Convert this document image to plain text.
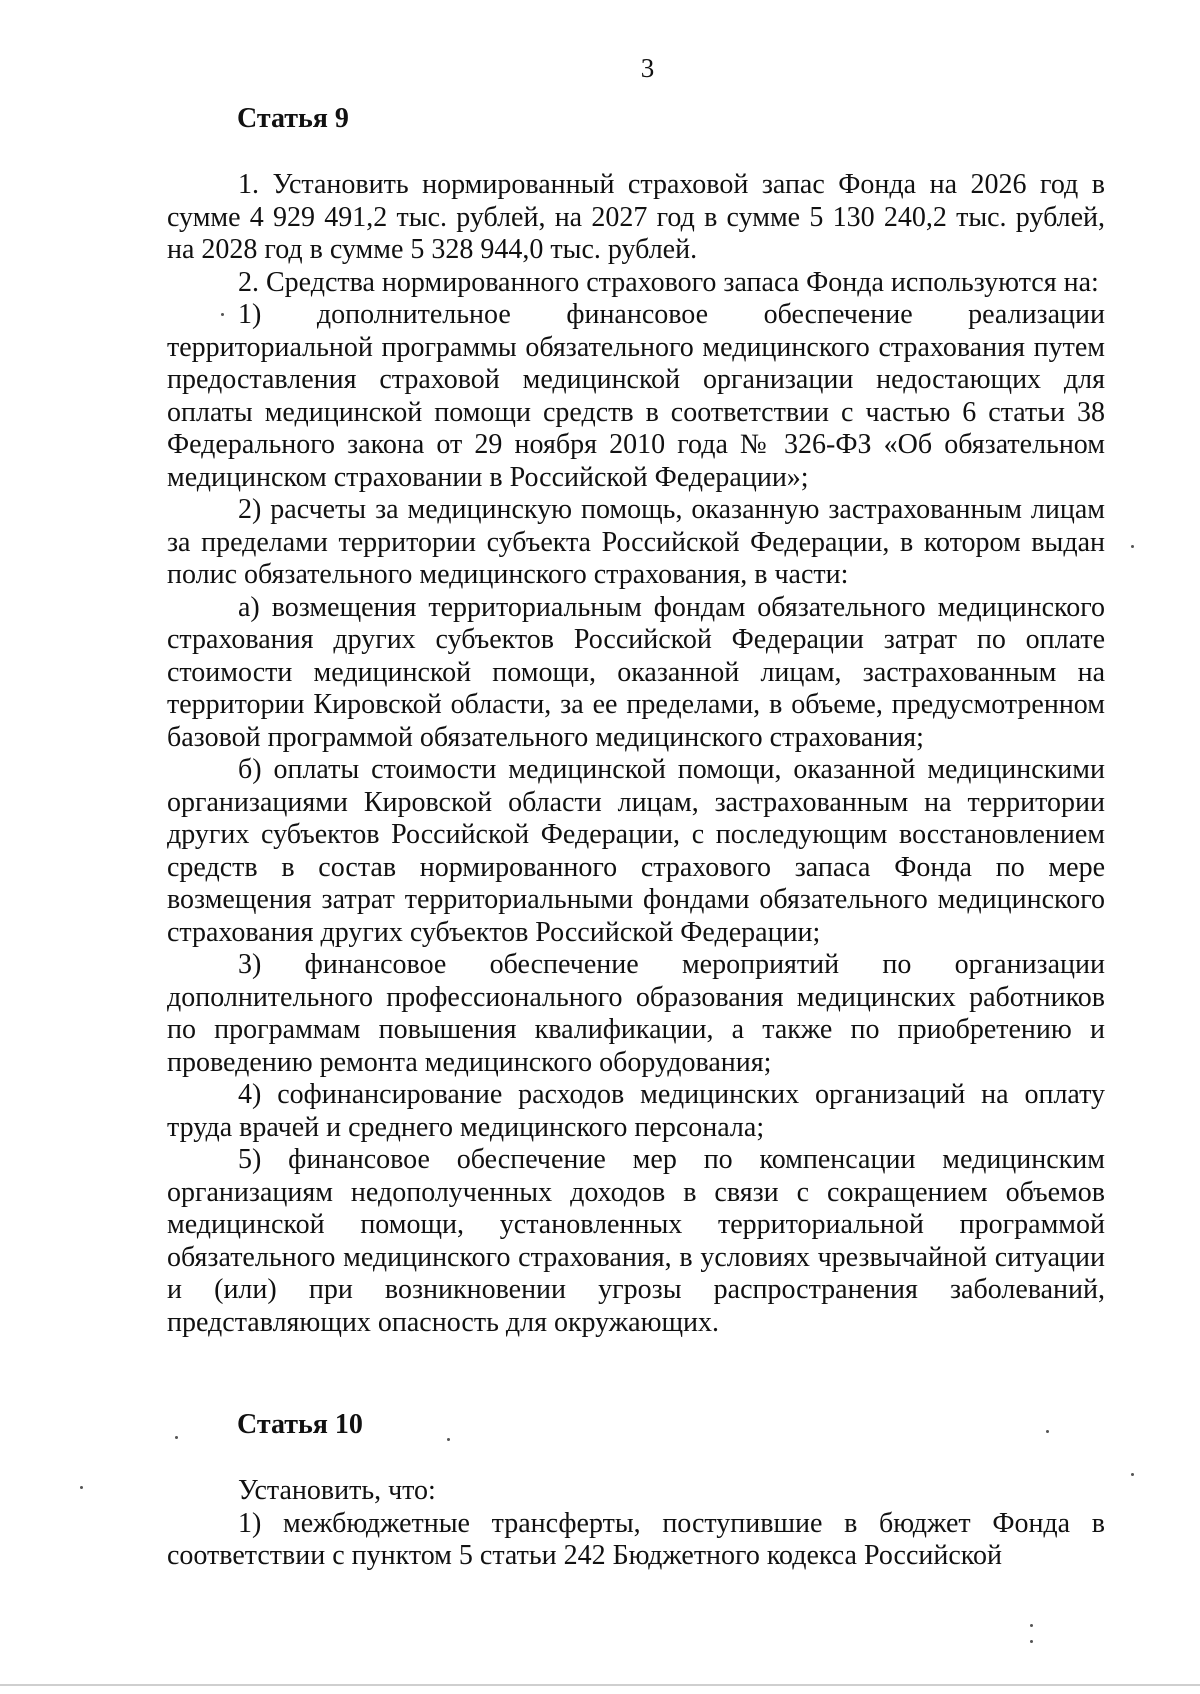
3
Статья 9

1. Установить нормированный страховой запас Фонда на 2026 год в сумме 4 929 491,2 тыс. рублей, на 2027 год в сумме 5 130 240,2 тыс. рублей, на 2028 год в сумме 5 328 944,0 тыс. рублей.

2. Средства нормированного страхового запаса Фонда используются на:

1) дополнительное финансовое обеспечение реализации территориальной программы обязательного медицинского страхования путем предоставления страховой медицинской организации недостающих для оплаты медицинской помощи средств в соответствии с частью 6 статьи 38 Федерального закона от 29 ноября 2010 года № 326-ФЗ «Об обязательном медицинском страховании в Российской Федерации»;

2) расчеты за медицинскую помощь, оказанную застрахованным лицам за пределами территории субъекта Российской Федерации, в котором выдан полис обязательного медицинского страхования, в части:

а) возмещения территориальным фондам обязательного медицинского страхования других субъектов Российской Федерации затрат по оплате стоимости медицинской помощи, оказанной лицам, застрахованным на территории Кировской области, за ее пределами, в объеме, предусмотренном базовой программой обязательного медицинского страхования;

б) оплаты стоимости медицинской помощи, оказанной медицинскими организациями Кировской области лицам, застрахованным на территории других субъектов Российской Федерации, с последующим восстановлением средств в состав нормированного страхового запаса Фонда по мере возмещения затрат территориальными фондами обязательного медицинского страхования других субъектов Российской Федерации;

3) финансовое обеспечение мероприятий по организации дополнительного профессионального образования медицинских работников по программам повышения квалификации, а также по приобретению и проведению ремонта медицинского оборудования;

4) софинансирование расходов медицинских организаций на оплату труда врачей и среднего медицинского персонала;

5) финансовое обеспечение мер по компенсации медицинским организациям недополученных доходов в связи с сокращением объемов медицинской помощи, установленных территориальной программой обязательного медицинского страхования, в условиях чрезвычайной ситуации и (или) при возникновении угрозы распространения заболеваний, представляющих опасность для окружающих.

Статья 10

Установить, что:

1) межбюджетные трансферты, поступившие в бюджет Фонда в соответствии с пунктом 5 статьи 242 Бюджетного кодекса Российской
